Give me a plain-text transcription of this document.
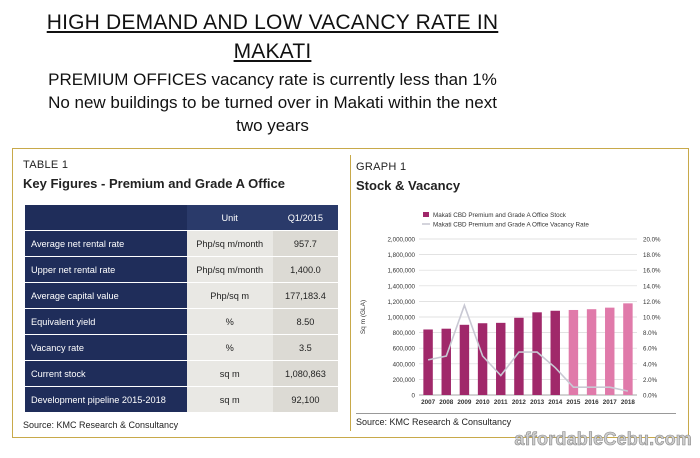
HIGH DEMAND AND LOW VACANCY RATE IN
MAKATI
PREMIUM OFFICES vacancy rate is currently less than 1%
No new buildings to be turned over in Makati within the next
two years
TABLE 1
Key Figures - Premium and Grade A Office
	Unit	Q1/2015
Average net rental rate	Php/sq m/month	957.7
Upper net rental rate	Php/sq m/month	1,400.0
Average capital value	Php/sq m	177,183.4
Equivalent yield	%	8.50
Vacancy rate	%	3.5
Current stock	sq m	1,080,863
Development pipeline 2015-2018	sq m	92,100
Source: KMC Research & Consultancy
GRAPH 1
Stock & Vacancy
0
200,000
400,000
600,000
800,000
1,000,000
1,200,000
1,400,000
1,600,000
1,800,000
2,000,000
0.0%
2.0%
4.0%
6.0%
8.0%
10.0%
12.0%
14.0%
16.0%
18.0%
20.0%
Sq m (GLA)
2007 2008 2009 2010 2011 2012 2013 2014 2015 2016 2017 2018
Makati CBD Premium and Grade A Office Stock
Makati CBD Premium and Grade A Office Vacancy Rate
Source: KMC Research & Consultancy
affordableCebu.com
